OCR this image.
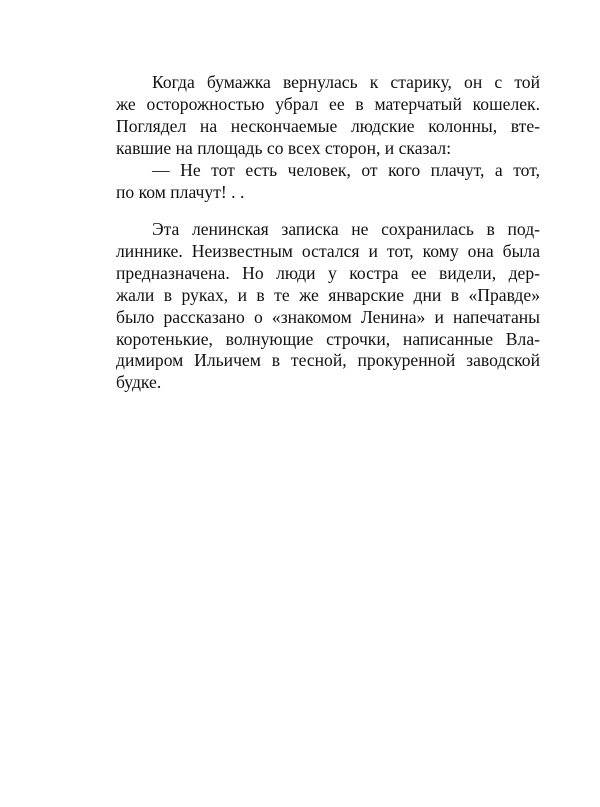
Когда бумажка вернулась к старику, он с той
же осторожностью убрал ее в матерчатый кошелек.
Поглядел на нескончаемые людские колонны, вте-
кавшие на площадь со всех сторон, и сказал:
— Не тот есть человек, от кого плачут, а тот,
по ком плачут! . .
Эта ленинская записка не сохранилась в под-
линнике. Неизвестным остался и тот, кому она была
предназначена. Но люди у костра ее видели, дер-
жали в руках, и в те же январские дни в «Правде»
было рассказано о «знакомом Ленина» и напечатаны
коротенькие, волнующие строчки, написанные Вла-
димиром Ильичем в тесной, прокуренной заводской
будке.
